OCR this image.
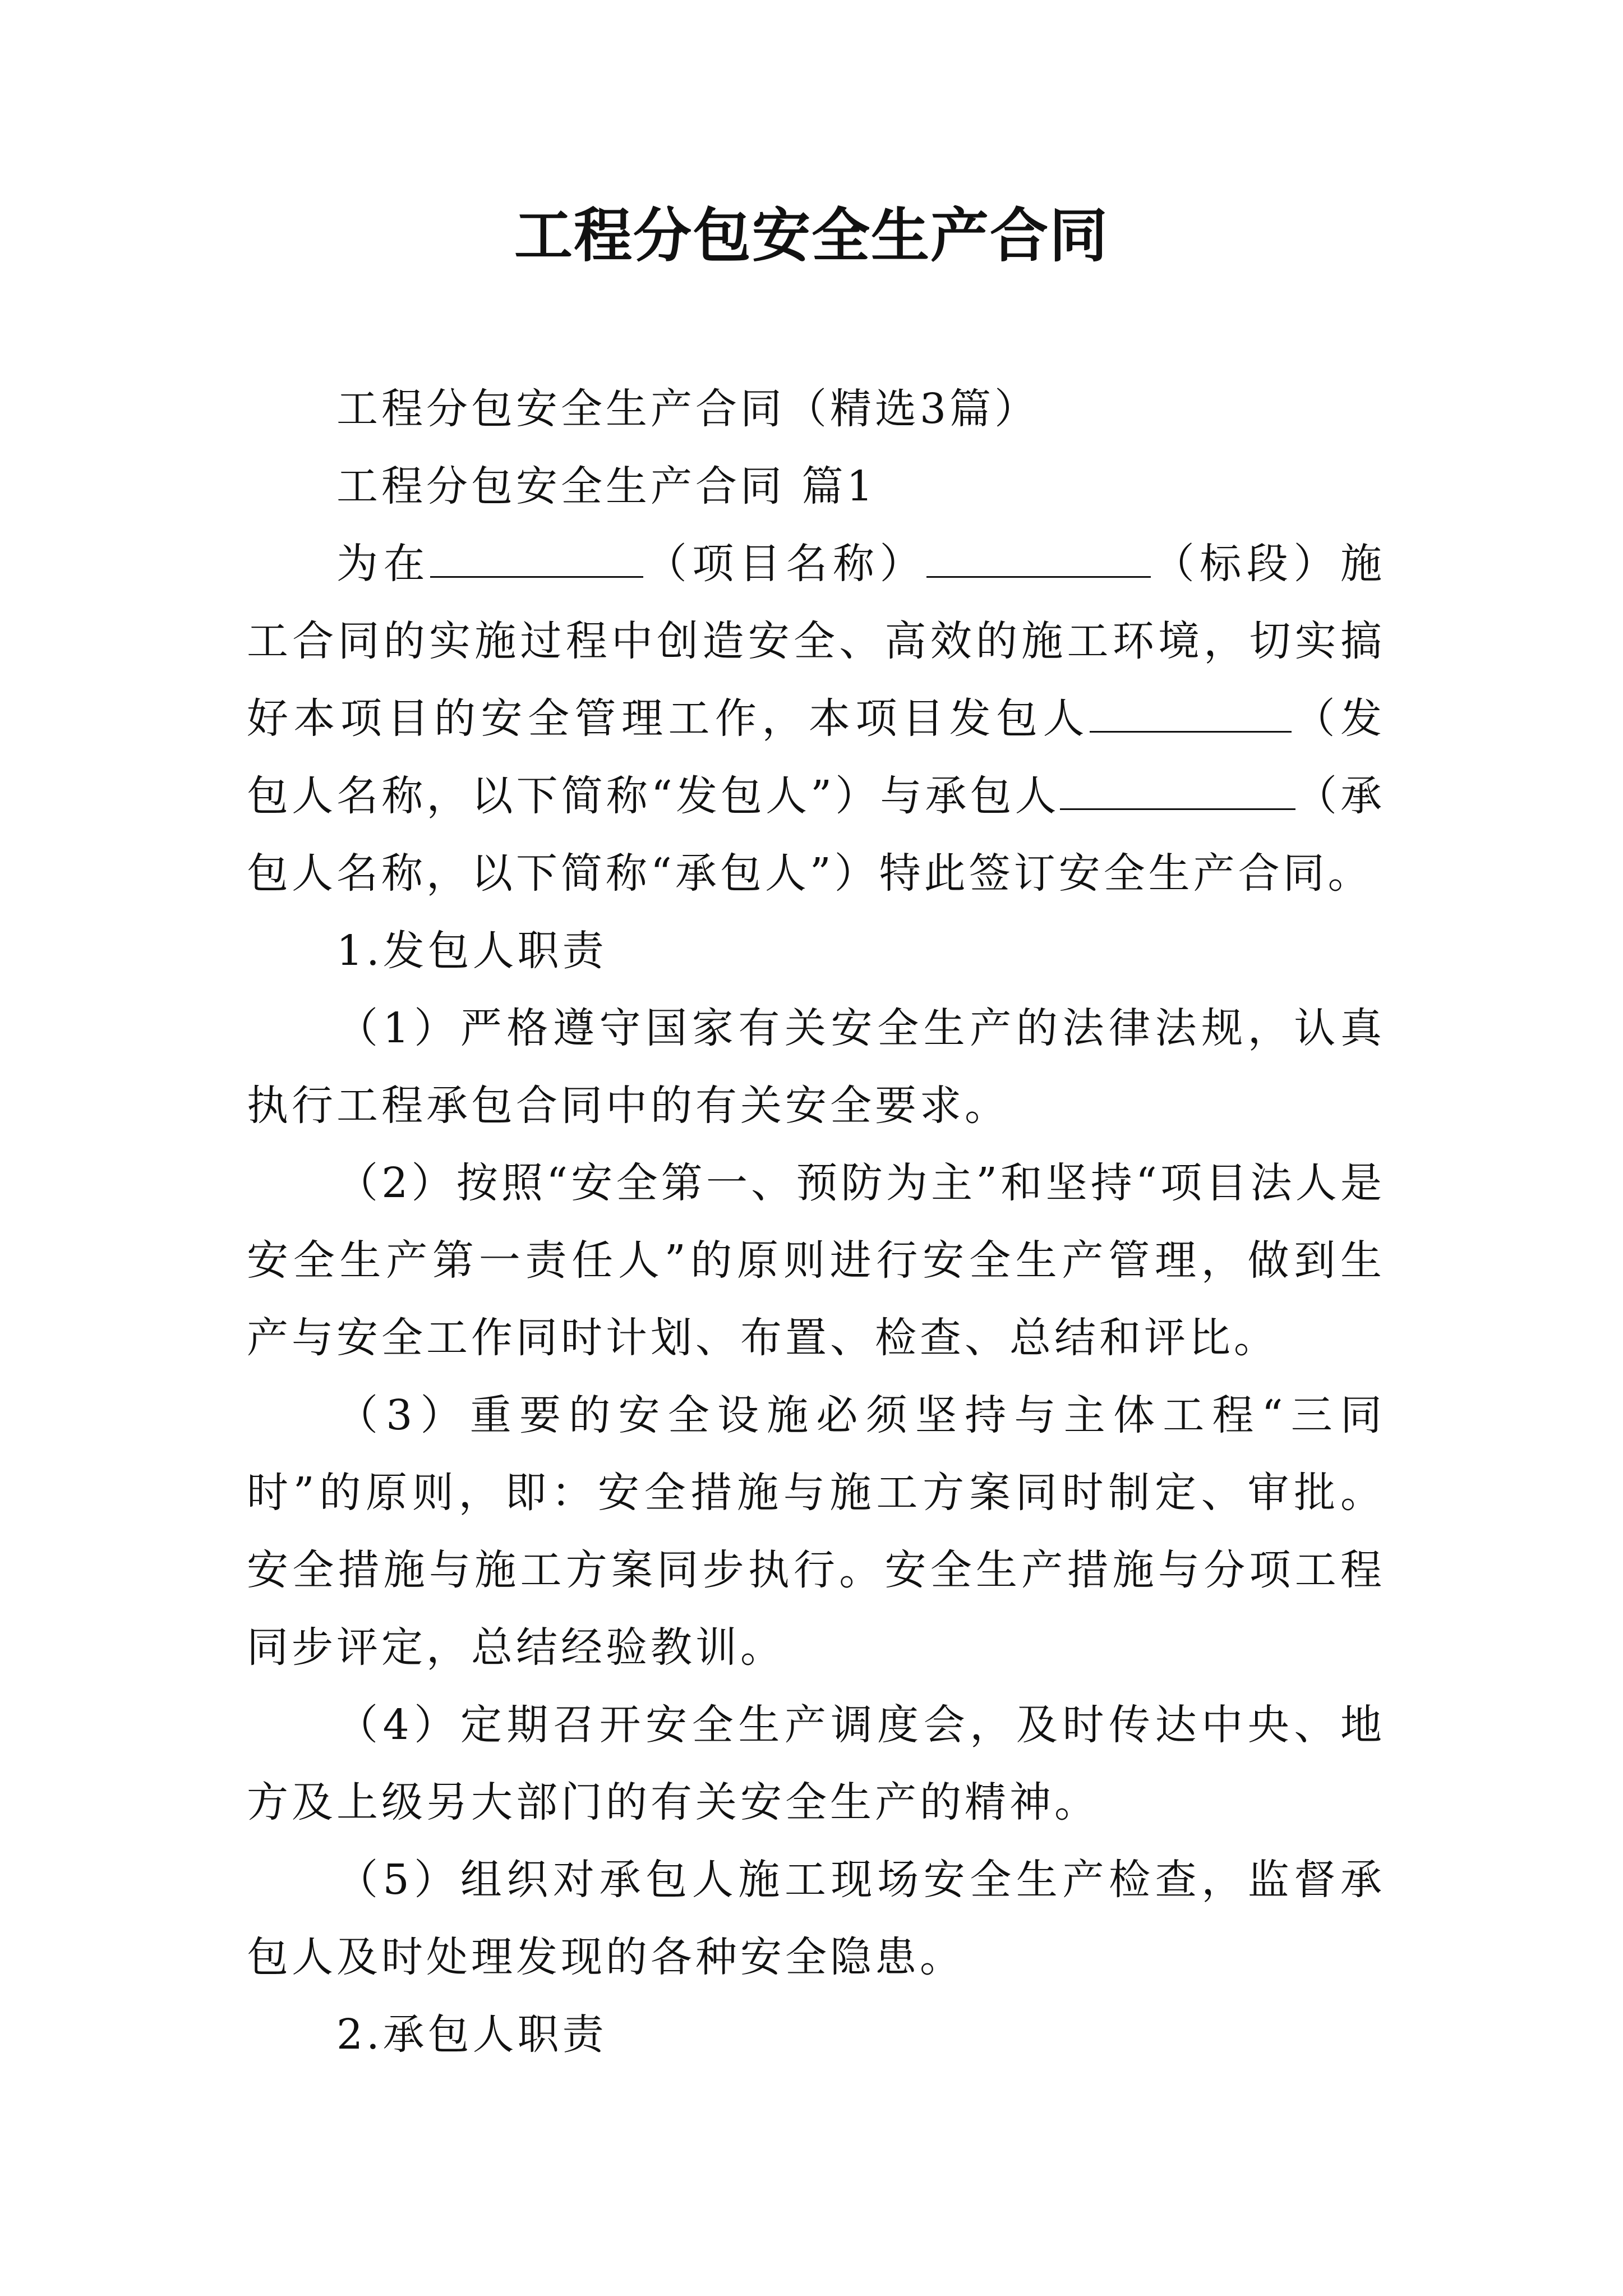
工程分包安全生产合同

工程分包安全生产合同（精选3篇）

工程分包安全生产合同 篇1

为在	（项目名称）	（标段）施工合同的实施过程中创造安全、高效的施工环境，切实搞好本项目的安全管理工作，本项目发包人	（发包人名称，以下简称“发包人”）与承包人	（承包人名称，以下简称“承包人”）特此签订安全生产合同。

1.发包人职责

（1）严格遵守国家有关安全生产的法律法规，认真执行工程承包合同中的有关安全要求。

（2）按照“安全第一、预防为主”和坚持“项目法人是安全生产第一责任人”的原则进行安全生产管理，做到生产与安全工作同时计划、布置、检查、总结和评比。

（3）重要的安全设施必须坚持与主体工程“三同时”的原则，即：安全措施与施工方案同时制定、审批。安全措施与施工方案同步执行。安全生产措施与分项工程同步评定，总结经验教训。

（4）定期召开安全生产调度会，及时传达中央、地方及上级另大部门的有关安全生产的精神。

（5）组织对承包人施工现场安全生产检查，监督承包人及时处理发现的各种安全隐患。

2.承包人职责
